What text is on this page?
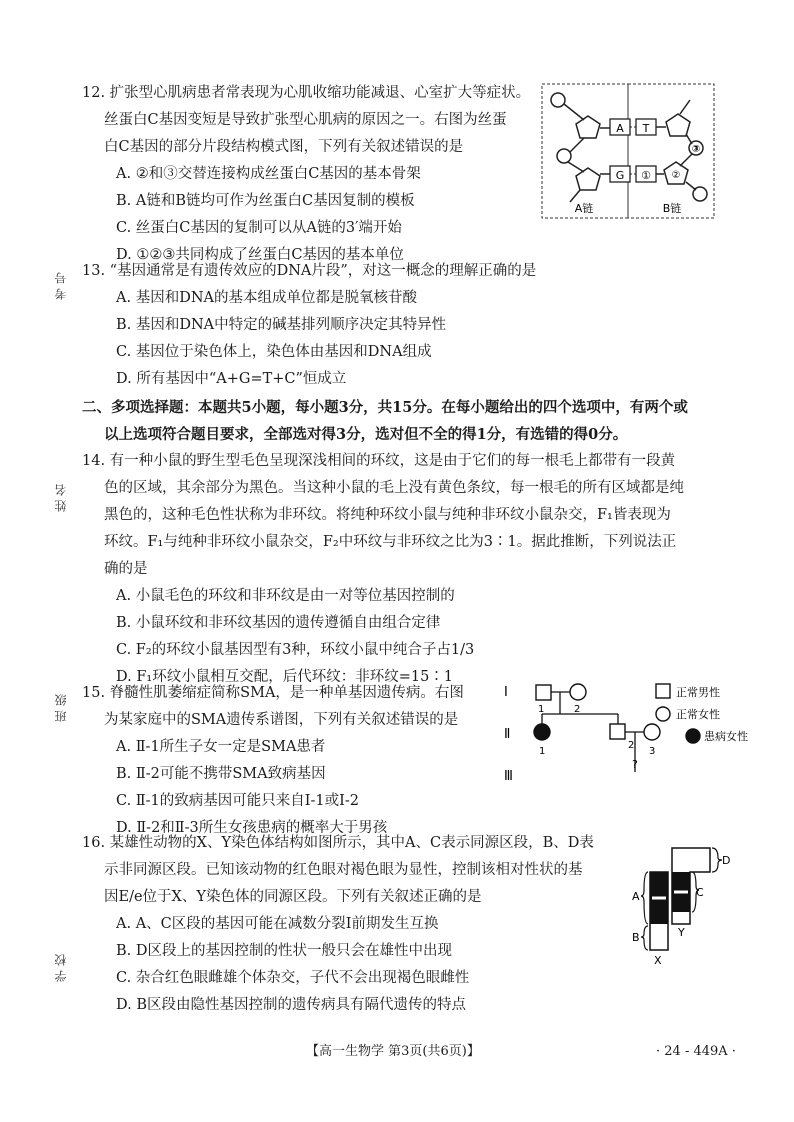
考号
姓名
班级
学校
12. 扩张型心肌病患者常表现为心肌收缩功能减退、心室扩大等症状。
丝蛋白C基因变短是导致扩张型心肌病的原因之一。右图为丝蛋
白C基因的部分片段结构模式图，下列有关叙述错误的是
A. ②和③交替连接构成丝蛋白C基因的基本骨架
B. A链和B链均可作为丝蛋白C基因复制的模板
C. 丝蛋白C基因的复制可以从A链的3′端开始
D. ①②③共同构成了丝蛋白C基因的基本单位
A T
G ①
③
②
A链	B链
13. “基因通常是有遗传效应的DNA片段”，对这一概念的理解正确的是
A. 基因和DNA的基本组成单位都是脱氧核苷酸
B. 基因和DNA中特定的碱基排列顺序决定其特异性
C. 基因位于染色体上，染色体由基因和DNA组成
D. 所有基因中“A+G=T+C”恒成立
二、多项选择题：本题共5小题，每小题3分，共15分。在每小题给出的四个选项中，有两个或
以上选项符合题目要求，全部选对得3分，选对但不全的得1分，有选错的得0分。
14. 有一种小鼠的野生型毛色呈现深浅相间的环纹，这是由于它们的每一根毛上都带有一段黄
色的区域，其余部分为黑色。当这种小鼠的毛上没有黄色条纹，每一根毛的所有区域都是纯
黑色的，这种毛色性状称为非环纹。将纯种环纹小鼠与纯种非环纹小鼠杂交，F₁皆表现为
环纹。F₁与纯种非环纹小鼠杂交，F₂中环纹与非环纹之比为3∶1。据此推断，下列说法正
确的是
A. 小鼠毛色的环纹和非环纹是由一对等位基因控制的
B. 小鼠环纹和非环纹基因的遗传遵循自由组合定律
C. F₂的环纹小鼠基因型有3种，环纹小鼠中纯合子占1/3
D. F₁环纹小鼠相互交配，后代环纹：非环纹=15∶1
15. 脊髓性肌萎缩症简称SMA，是一种单基因遗传病。右图
为某家庭中的SMA遗传系谱图，下列有关叙述错误的是
A. Ⅱ-1所生子女一定是SMA患者
B. Ⅱ-2可能不携带SMA致病基因
C. Ⅱ-1的致病基因可能只来自Ⅰ-1或Ⅰ-2
D. Ⅱ-2和Ⅱ-3所生女孩患病的概率大于男孩
Ⅰ
Ⅱ
Ⅲ
1	2
1
2
3
?
正常男性
正常女性
患病女性
16. 某雄性动物的X、Y染色体结构如图所示，其中A、C表示同源区段，B、D表
示非同源区段。已知该动物的红色眼对褐色眼为显性，控制该相对性状的基
因E/e位于X、Y染色体的同源区段。下列有关叙述正确的是
A. A、C区段的基因可能在减数分裂Ⅰ前期发生互换
B. D区段上的基因控制的性状一般只会在雄性中出现
C. 杂合红色眼雌雄个体杂交，子代不会出现褐色眼雌性
D. B区段由隐性基因控制的遗传病具有隔代遗传的特点
D
C
A
B	Y
X
【高一生物学 第3页(共6页)】	· 24 - 449A ·
